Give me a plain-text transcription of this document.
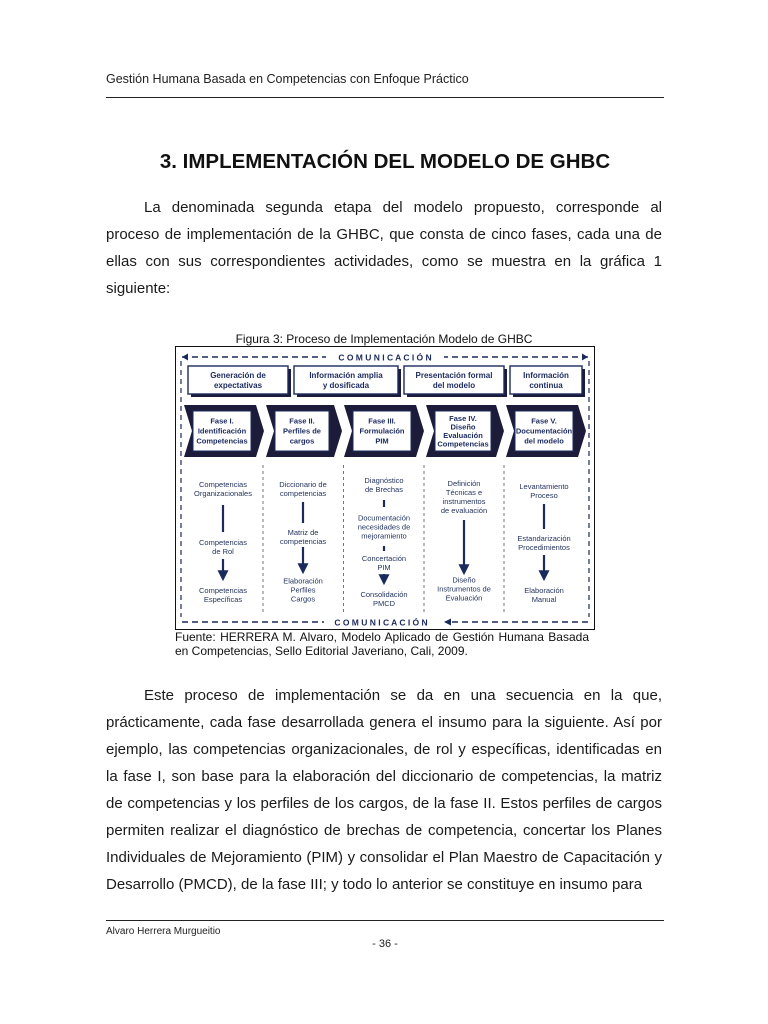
Gestión Humana Basada en Competencias con Enfoque Práctico
3. IMPLEMENTACIÓN DEL MODELO DE GHBC

La denominada segunda etapa del modelo propuesto, corresponde al proceso de implementación de la GHBC, que consta de cinco fases, cada una de ellas con sus correspondientes actividades, como se muestra en la gráfica 1 siguiente:

Figura 3: Proceso de Implementación Modelo de GHBC
C O M U N I C A C I Ó N
C O M U N I C A C I Ó N
Generación de
expectativas
Información amplia
y dosificada
Presentación formal
del modelo
Información
continua
Fase I.
Identificación
Competencias
Fase II.
Perfiles de
cargos
Fase III.
Formulación
PIM
Fase IV.
Diseño
Evaluación
Competencias
Fase V.
Documentación
del modelo
Competencias
Organizacionales
Competencias
de Rol
Competencias
Específicas
Diccionario de
competencias
Matriz de
competencias
Elaboración
Perfiles
Cargos
Diagnóstico
de Brechas
Documentación
necesidades de
mejoramiento
Concertación
PIM
Consolidación
PMCD
Definición
Técnicas e
instrumentos
de evaluación
Diseño
Instrumentos de
Evaluación
Levantamiento
Proceso
Estandarización
Procedimientos
Elaboración
Manual
Fuente: HERRERA M. Alvaro, Modelo Aplicado de Gestión Humana Basada en Competencias, Sello Editorial Javeriano, Cali, 2009.

Este proceso de implementación se da en una secuencia en la que, prácticamente, cada fase desarrollada genera el insumo para la siguiente. Así por ejemplo, las competencias organizacionales, de rol y específicas, identificadas en la fase I, son base para la elaboración del diccionario de competencias, la matriz de competencias y los perfiles de los cargos, de la fase II. Estos perfiles de cargos permiten realizar el diagnóstico de brechas de competencia, concertar los Planes Individuales de Mejoramiento (PIM) y consolidar el Plan Maestro de Capacitación y Desarrollo (PMCD), de la fase III; y todo lo anterior se constituye en insumo para

Alvaro Herrera Murgueitio
- 36 -
